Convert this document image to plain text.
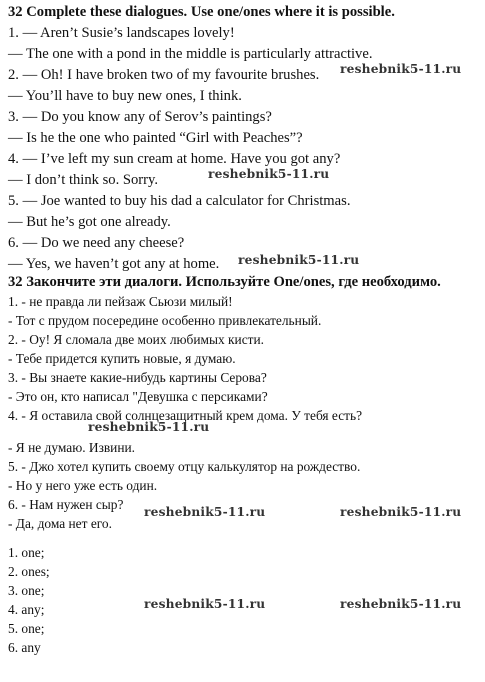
32 Complete these dialogues. Use one/ones where it is possible.
1. — Aren’t Susie’s landscapes lovely!
— The one with a pond in the middle is particularly attractive.
2. — Oh! I have broken two of my favourite brushes.
— You’ll have to buy new ones, I think.
3. — Do you know any of Serov’s paintings?
— Is he the one who painted “Girl with Peaches”?
4. — I’ve left my sun cream at home. Have you got any?
— I don’t think so. Sorry.
5. — Joe wanted to buy his dad a calculator for Christmas.
— But he’s got one already.
6. — Do we need any cheese?
— Yes, we haven’t got any at home.
32 Закончите эти диалоги. Используйте One/ones, где необходимо.
1. - не правда ли пейзаж Сьюзи милый!
- Тот с прудом посередине особенно привлекательный.
2. - Оу! Я сломала две моих любимых кисти.
- Тебе придется купить новые, я думаю.
3. - Вы знаете какие-нибудь картины Серова?
- Это он, кто написал "Девушка с персиками?
4. - Я оставила свой солнцезащитный крем дома. У тебя есть?
- Я не думаю. Извини.
5. - Джо хотел купить своему отцу калькулятор на рождество.
- Но у него уже есть один.
6. - Нам нужен сыр?
- Да, дома нет его.
1. one;
2. ones;
3. one;
4. any;
5. one;
6. any
reshebnik5-11.ru
reshebnik5-11.ru
reshebnik5-11.ru
reshebnik5-11.ru
reshebnik5-11.ru	reshebnik5-11.ru
reshebnik5-11.ru	reshebnik5-11.ru
